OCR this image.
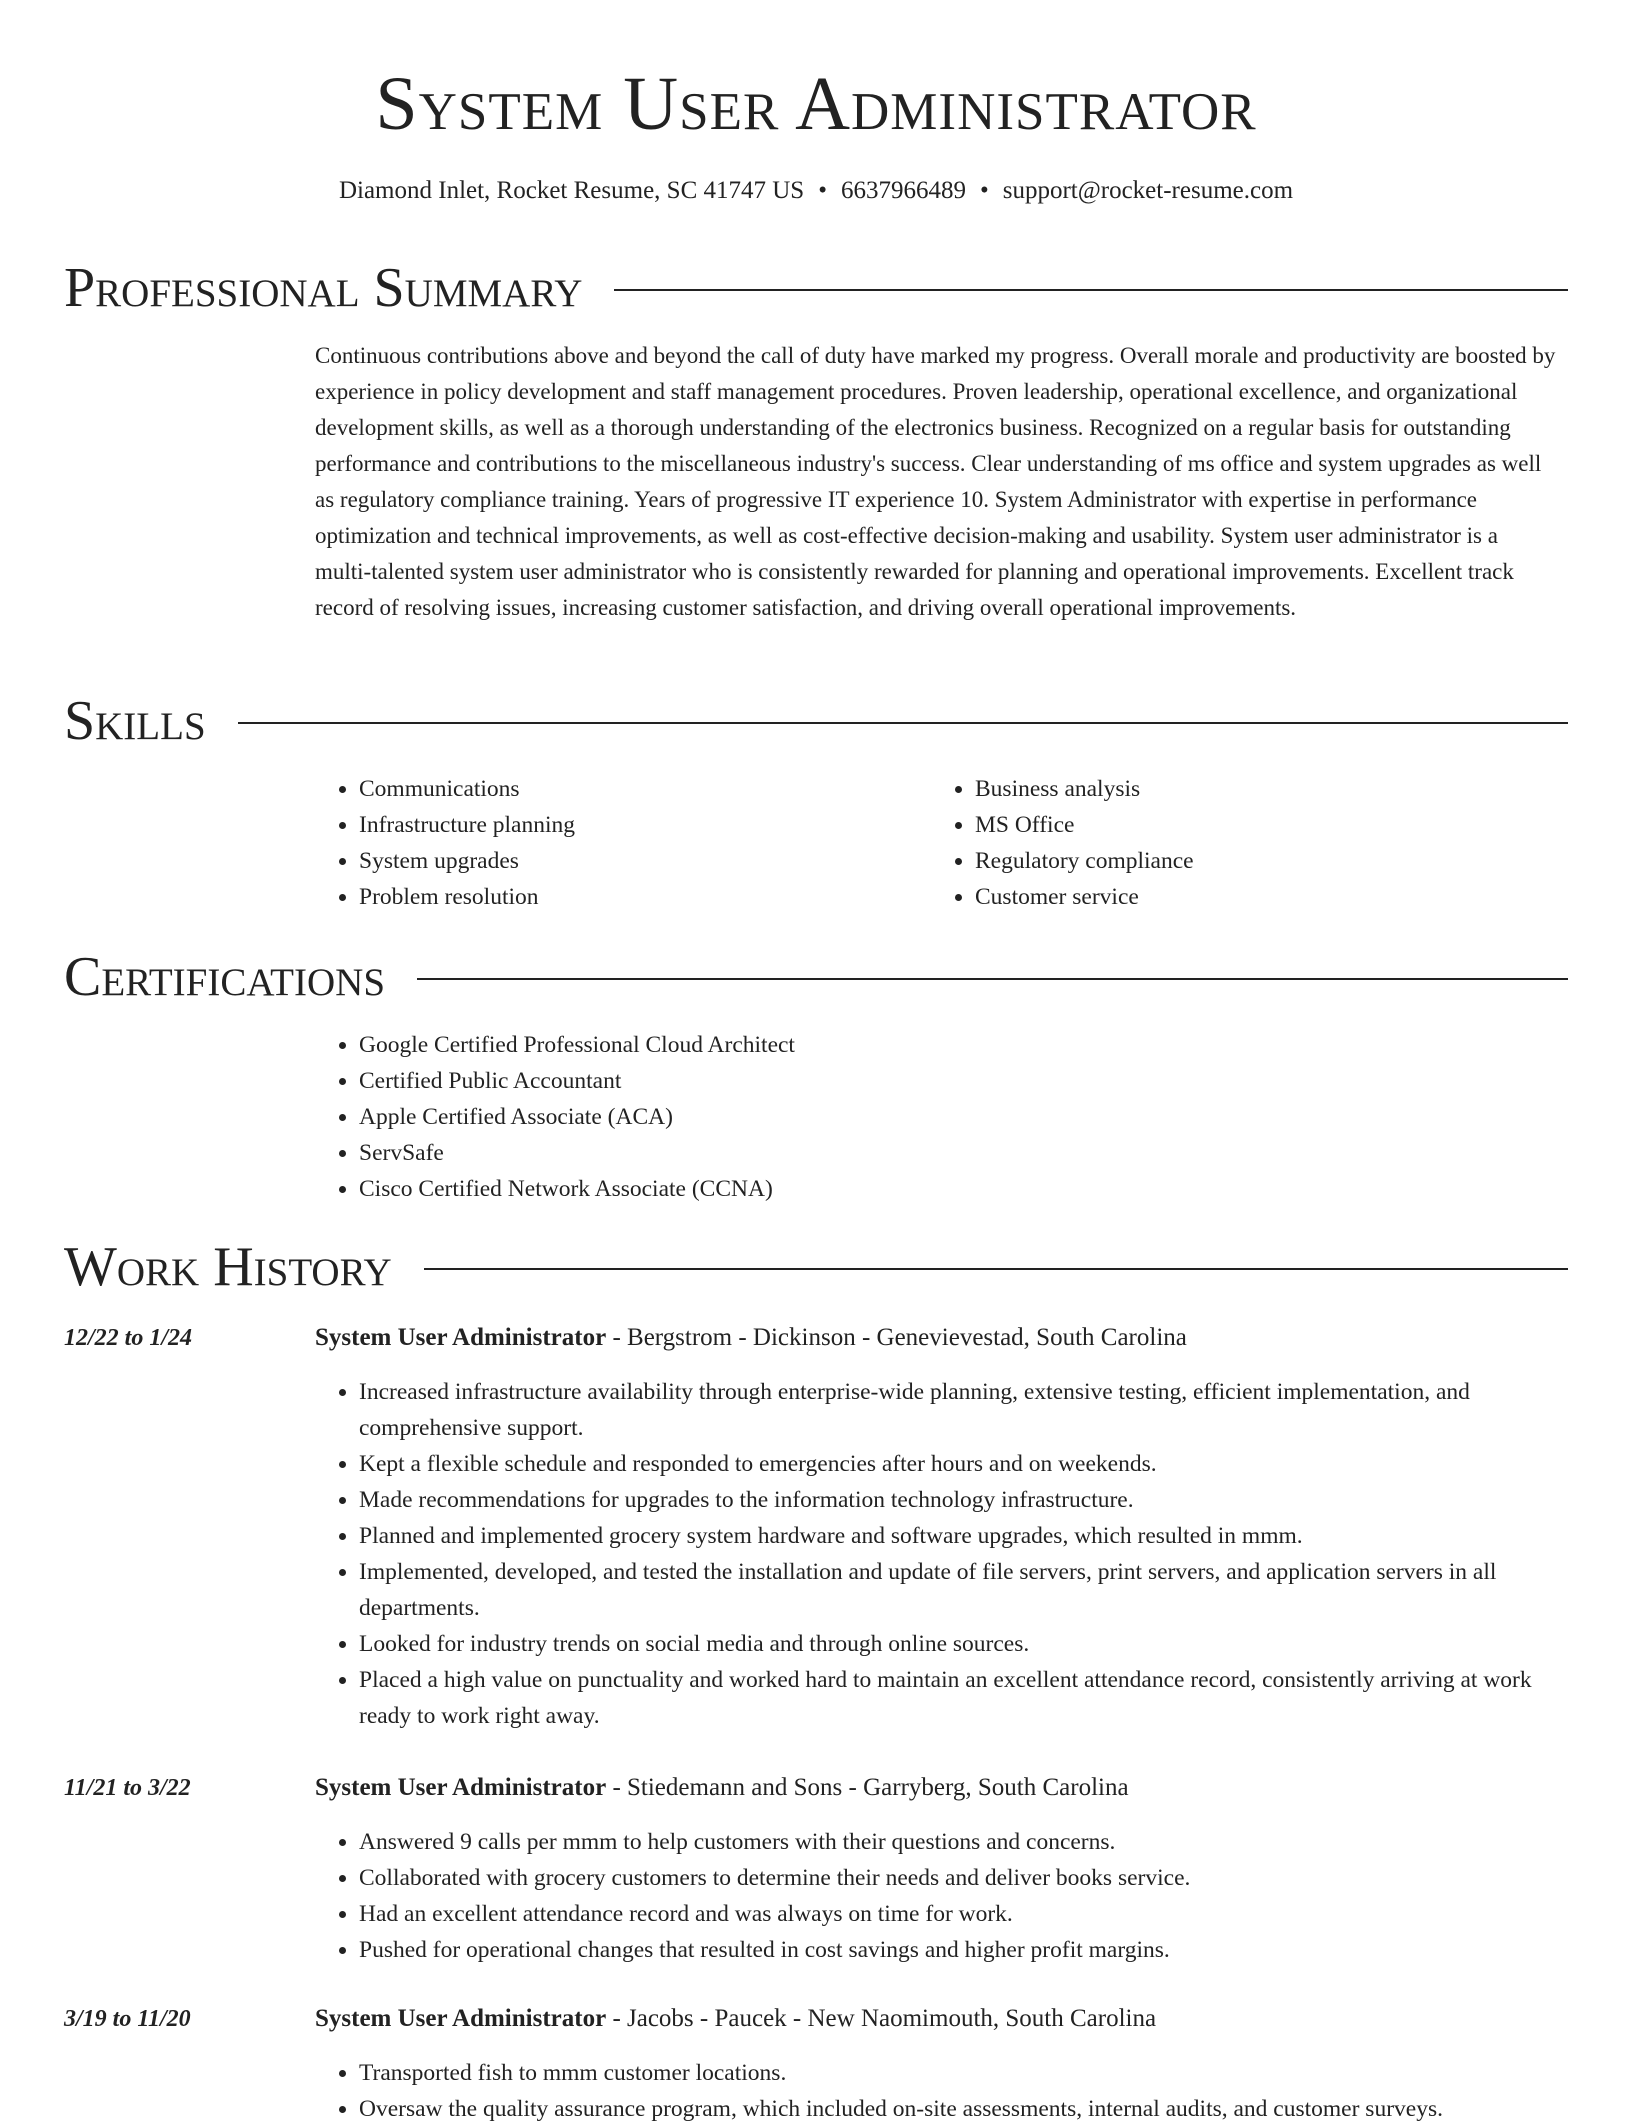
System User Administrator
Diamond Inlet, Rocket Resume, SC 41747 US • 6637966489 • support@rocket-resume.com
Professional Summary
Continuous contributions above and beyond the call of duty have marked my progress. Overall morale and productivity are boosted by experience in policy development and staff management procedures. Proven leadership, operational excellence, and organizational development skills, as well as a thorough understanding of the electronics business. Recognized on a regular basis for outstanding performance and contributions to the miscellaneous industry's success. Clear understanding of ms office and system upgrades as well as regulatory compliance training. Years of progressive IT experience 10. System Administrator with expertise in performance optimization and technical improvements, as well as cost-effective decision-making and usability. System user administrator is a multi-talented system user administrator who is consistently rewarded for planning and operational improvements. Excellent track record of resolving issues, increasing customer satisfaction, and driving overall operational improvements.
Skills
• Communications
• Infrastructure planning
• System upgrades
• Problem resolution
• Business analysis
• MS Office
• Regulatory compliance
• Customer service
Certifications
• Google Certified Professional Cloud Architect
• Certified Public Accountant
• Apple Certified Associate (ACA)
• ServSafe
• Cisco Certified Network Associate (CCNA)
Work History
12/22 to 1/24	System User Administrator - Bergstrom - Dickinson - Genevievestad, South Carolina
• Increased infrastructure availability through enterprise-wide planning, extensive testing, efficient implementation, and comprehensive support.
• Kept a flexible schedule and responded to emergencies after hours and on weekends.
• Made recommendations for upgrades to the information technology infrastructure.
• Planned and implemented grocery system hardware and software upgrades, which resulted in mmm.
• Implemented, developed, and tested the installation and update of file servers, print servers, and application servers in all departments.
• Looked for industry trends on social media and through online sources.
• Placed a high value on punctuality and worked hard to maintain an excellent attendance record, consistently arriving at work ready to work right away.
11/21 to 3/22	System User Administrator - Stiedemann and Sons - Garryberg, South Carolina
• Answered 9 calls per mmm to help customers with their questions and concerns.
• Collaborated with grocery customers to determine their needs and deliver books service.
• Had an excellent attendance record and was always on time for work.
• Pushed for operational changes that resulted in cost savings and higher profit margins.
3/19 to 11/20	System User Administrator - Jacobs - Paucek - New Naomimouth, South Carolina
• Transported fish to mmm customer locations.
• Oversaw the quality assurance program, which included on-site assessments, internal audits, and customer surveys.
